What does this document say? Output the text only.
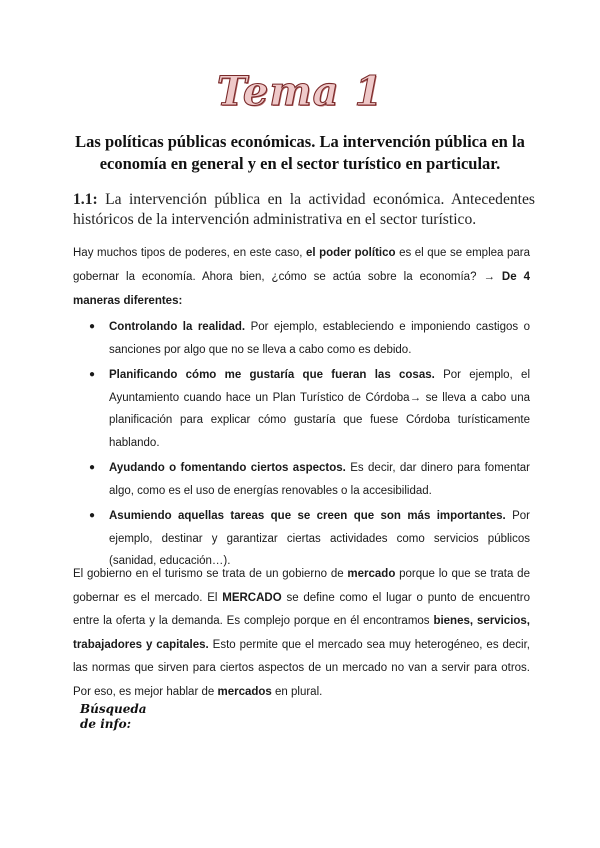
Tema 1
Las políticas públicas económicas. La intervención pública en la economía en general y en el sector turístico en particular.
1.1: La intervención pública en la actividad económica. Antecedentes históricos de la intervención administrativa en el sector turístico.
Hay muchos tipos de poderes, en este caso, el poder político es el que se emplea para gobernar la economía. Ahora bien, ¿cómo se actúa sobre la economía? → De 4 maneras diferentes:
● Controlando la realidad. Por ejemplo, estableciendo e imponiendo castigos o sanciones por algo que no se lleva a cabo como es debido.
● Planificando cómo me gustaría que fueran las cosas. Por ejemplo, el Ayuntamiento cuando hace un Plan Turístico de Córdoba→ se lleva a cabo una planificación para explicar cómo gustaría que fuese Córdoba turísticamente hablando.
● Ayudando o fomentando ciertos aspectos. Es decir, dar dinero para fomentar algo, como es el uso de energías renovables o la accesibilidad.
● Asumiendo aquellas tareas que se creen que son más importantes. Por ejemplo, destinar y garantizar ciertas actividades como servicios públicos (sanidad, educación…).
El gobierno en el turismo se trata de un gobierno de mercado porque lo que se trata de gobernar es el mercado. El MERCADO se define como el lugar o punto de encuentro entre la oferta y la demanda. Es complejo porque en él encontramos bienes, servicios, trabajadores y capitales. Esto permite que el mercado sea muy heterogéneo, es decir, las normas que sirven para ciertos aspectos de un mercado no van a servir para otros. Por eso, es mejor hablar de mercados en plural.
Búsqueda
de info:
